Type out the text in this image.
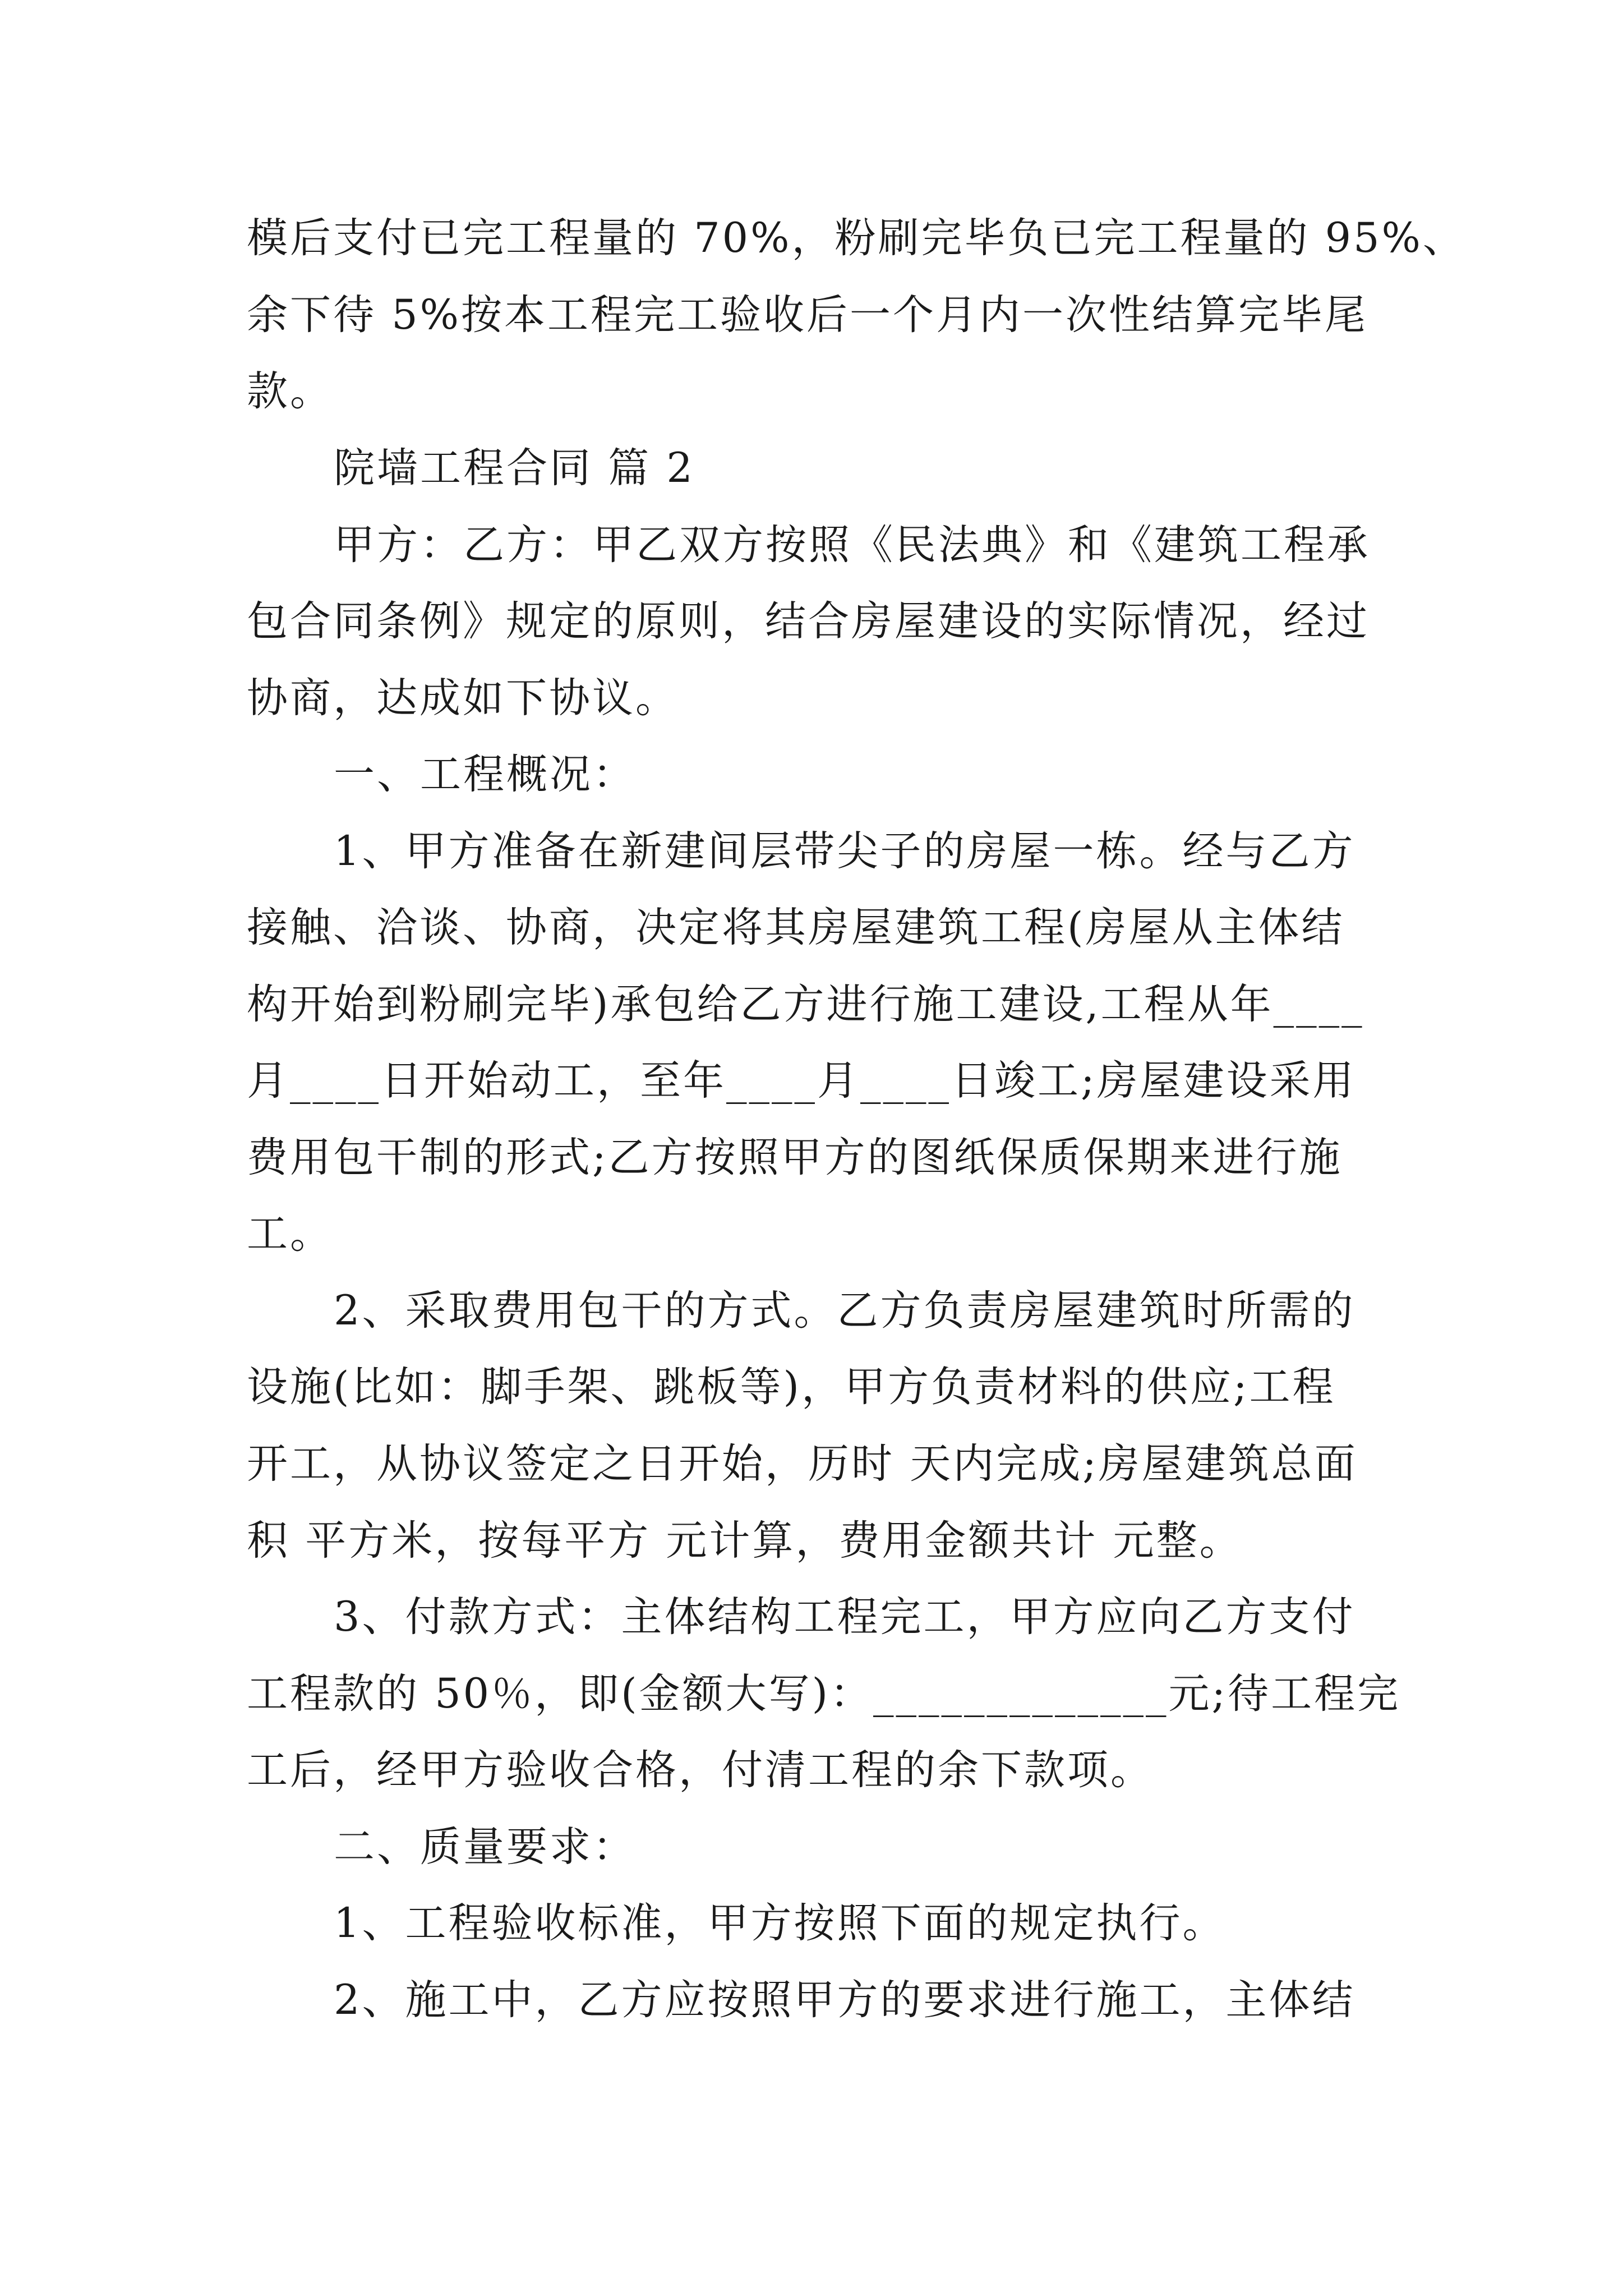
模后支付已完工程量的 70%，粉刷完毕负已完工程量的 95%、
余下待 5%按本工程完工验收后一个月内一次性结算完毕尾
款。
院墙工程合同 篇 2
甲方：乙方：甲乙双方按照《民法典》和《建筑工程承
包合同条例》规定的原则，结合房屋建设的实际情况，经过
协商，达成如下协议。
一、工程概况：
1、甲方准备在新建间层带尖子的房屋一栋。经与乙方
接触、洽谈、协商，决定将其房屋建筑工程(房屋从主体结
构开始到粉刷完毕)承包给乙方进行施工建设,工程从年____
月____日开始动工，至年____月____日竣工;房屋建设采用
费用包干制的形式;乙方按照甲方的图纸保质保期来进行施
工。
2、采取费用包干的方式。乙方负责房屋建筑时所需的
设施(比如：脚手架、跳板等)，甲方负责材料的供应;工程
开工，从协议签定之日开始，历时 天内完成;房屋建筑总面
积 平方米，按每平方 元计算，费用金额共计 元整。
3、付款方式：主体结构工程完工，甲方应向乙方支付
工程款的 50％，即(金额大写)：_____________元;待工程完
工后，经甲方验收合格，付清工程的余下款项。
二、质量要求：
1、工程验收标准，甲方按照下面的规定执行。
2、施工中，乙方应按照甲方的要求进行施工，主体结
